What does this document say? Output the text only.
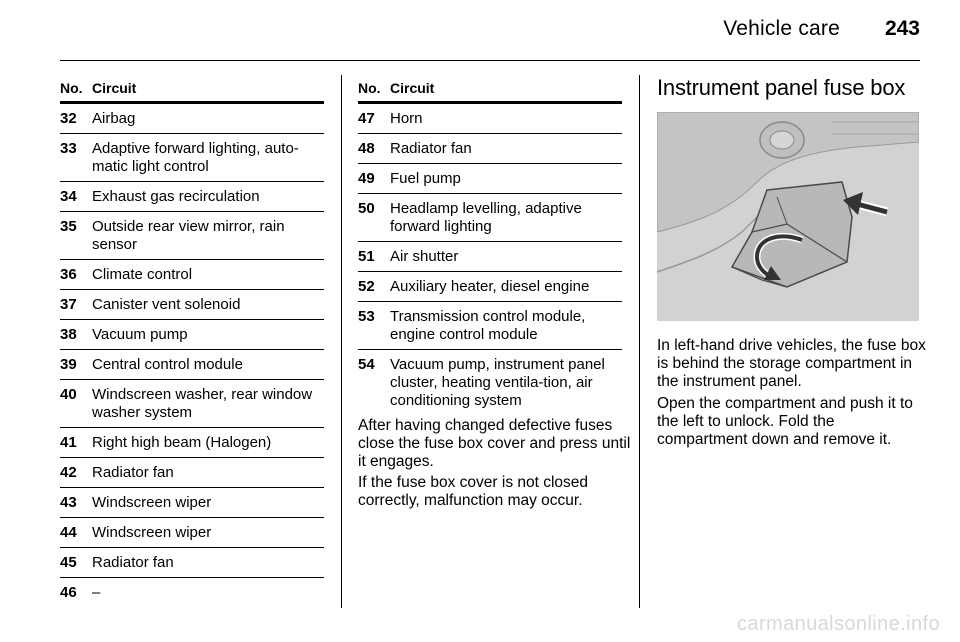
Vehicle care 243
No. Circuit
32	Airbag
33	Adaptive forward lighting, auto-matic light control
34	Exhaust gas recirculation
35	Outside rear view mirror, rain sensor
36	Climate control
37	Canister vent solenoid
38	Vacuum pump
39	Central control module
40	Windscreen washer, rear window washer system
41	Right high beam (Halogen)
42	Radiator fan
43	Windscreen wiper
44	Windscreen wiper
45	Radiator fan
46	–
No. Circuit
47	Horn
48	Radiator fan
49	Fuel pump
50	Headlamp levelling, adaptive forward lighting
51	Air shutter
52	Auxiliary heater, diesel engine
53	Transmission control module, engine control module
54	Vacuum pump, instrument panel cluster, heating ventila-tion, air conditioning system
After having changed defective fuses close the fuse box cover and press until it engages.
If the fuse box cover is not closed correctly, malfunction may occur.
Instrument panel fuse box
In left-hand drive vehicles, the fuse box is behind the storage compartment in the instrument panel.
Open the compartment and push it to the left to unlock. Fold the compartment down and remove it.
carmanualsonline.info
